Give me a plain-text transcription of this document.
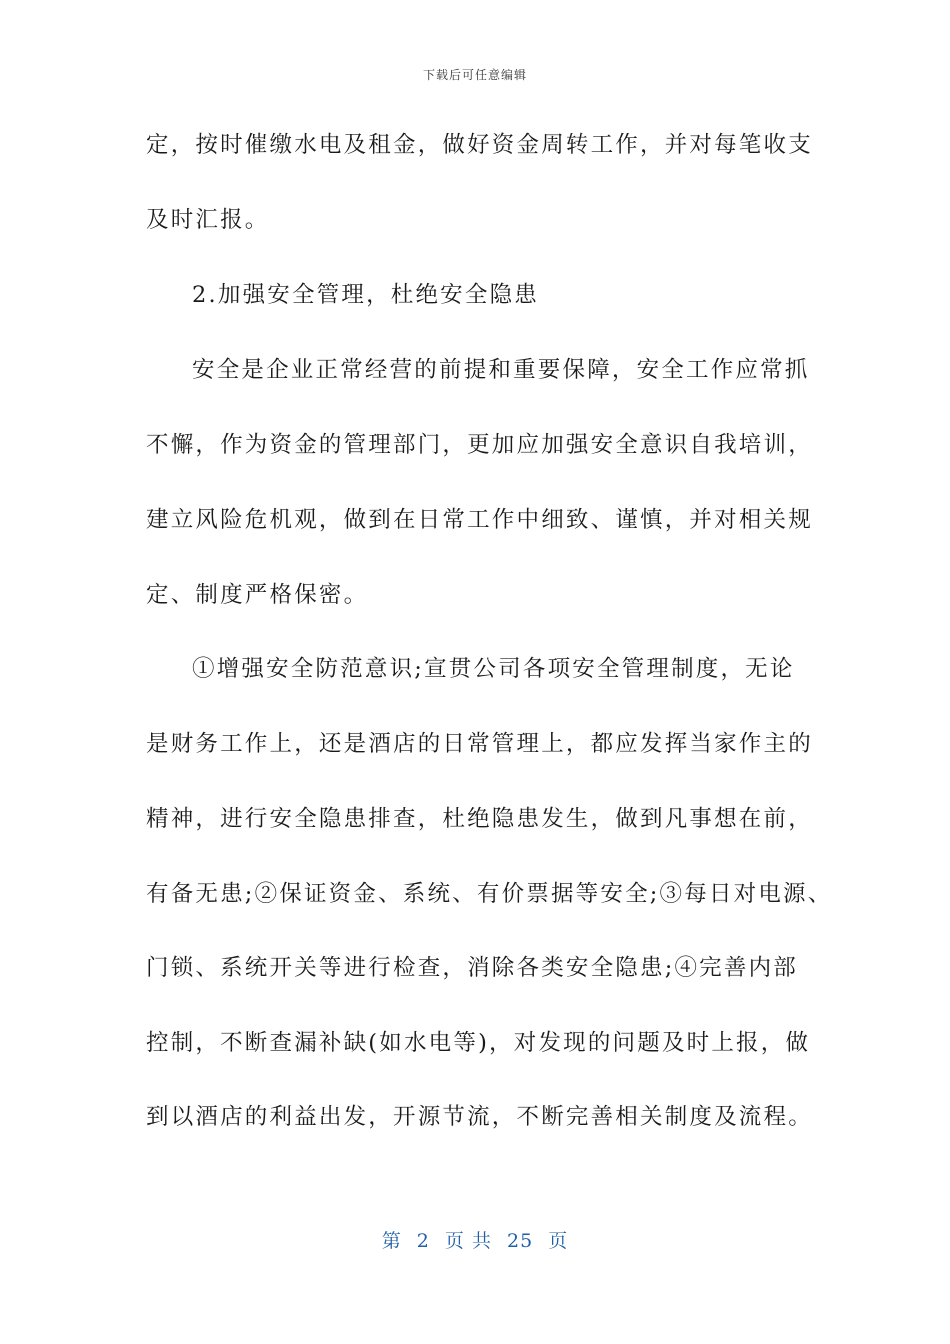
下载后可任意编辑
定，按时催缴水电及租金，做好资金周转工作，并对每笔收支
及时汇报。
2.加强安全管理，杜绝安全隐患
安全是企业正常经营的前提和重要保障，安全工作应常抓
不懈，作为资金的管理部门，更加应加强安全意识自我培训，
建立风险危机观，做到在日常工作中细致、谨慎，并对相关规
定、制度严格保密。
①增强安全防范意识;宣贯公司各项安全管理制度，无论
是财务工作上，还是酒店的日常管理上，都应发挥当家作主的
精神，进行安全隐患排查，杜绝隐患发生，做到凡事想在前，
有备无患;②保证资金、系统、有价票据等安全;③每日对电源、
门锁、系统开关等进行检查，消除各类安全隐患;④完善内部
控制，不断查漏补缺(如水电等)，对发现的问题及时上报，做
到以酒店的利益出发，开源节流，不断完善相关制度及流程。
第 2 页 共 25 页
